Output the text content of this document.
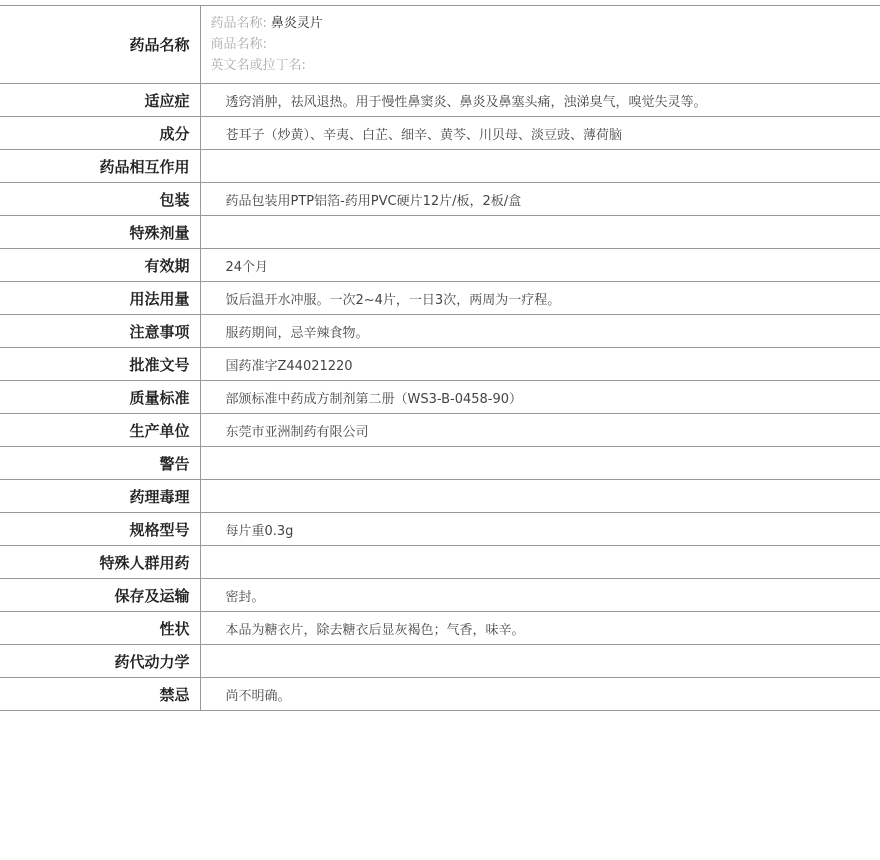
药品名称	药品名称: 鼻炎灵片
商品名称:
英文名或拉丁名:

适应症	透窍消肿，祛风退热。用于慢性鼻窦炎、鼻炎及鼻塞头痛，浊涕臭气，嗅觉失灵等。
成分	苍耳子（炒黄）、辛夷、白芷、细辛、黄芩、川贝母、淡豆豉、薄荷脑
药品相互作用	
包装	药品包装用PTP铝箔-药用PVC硬片12片/板，2板/盒
特殊剂量	
有效期	24个月
用法用量	饭后温开水冲服。一次2~4片，一日3次，两周为一疗程。
注意事项	服药期间，忌辛辣食物。
批准文号	国药准字Z44021220
质量标准	部颁标准中药成方制剂第二册（WS3-B-0458-90）
生产单位	东莞市亚洲制药有限公司
警告	
药理毒理	
规格型号	每片重0.3g
特殊人群用药	
保存及运输	密封。
性状	本品为糖衣片，除去糖衣后显灰褐色；气香，味辛。
药代动力学	
禁忌	尚不明确。
